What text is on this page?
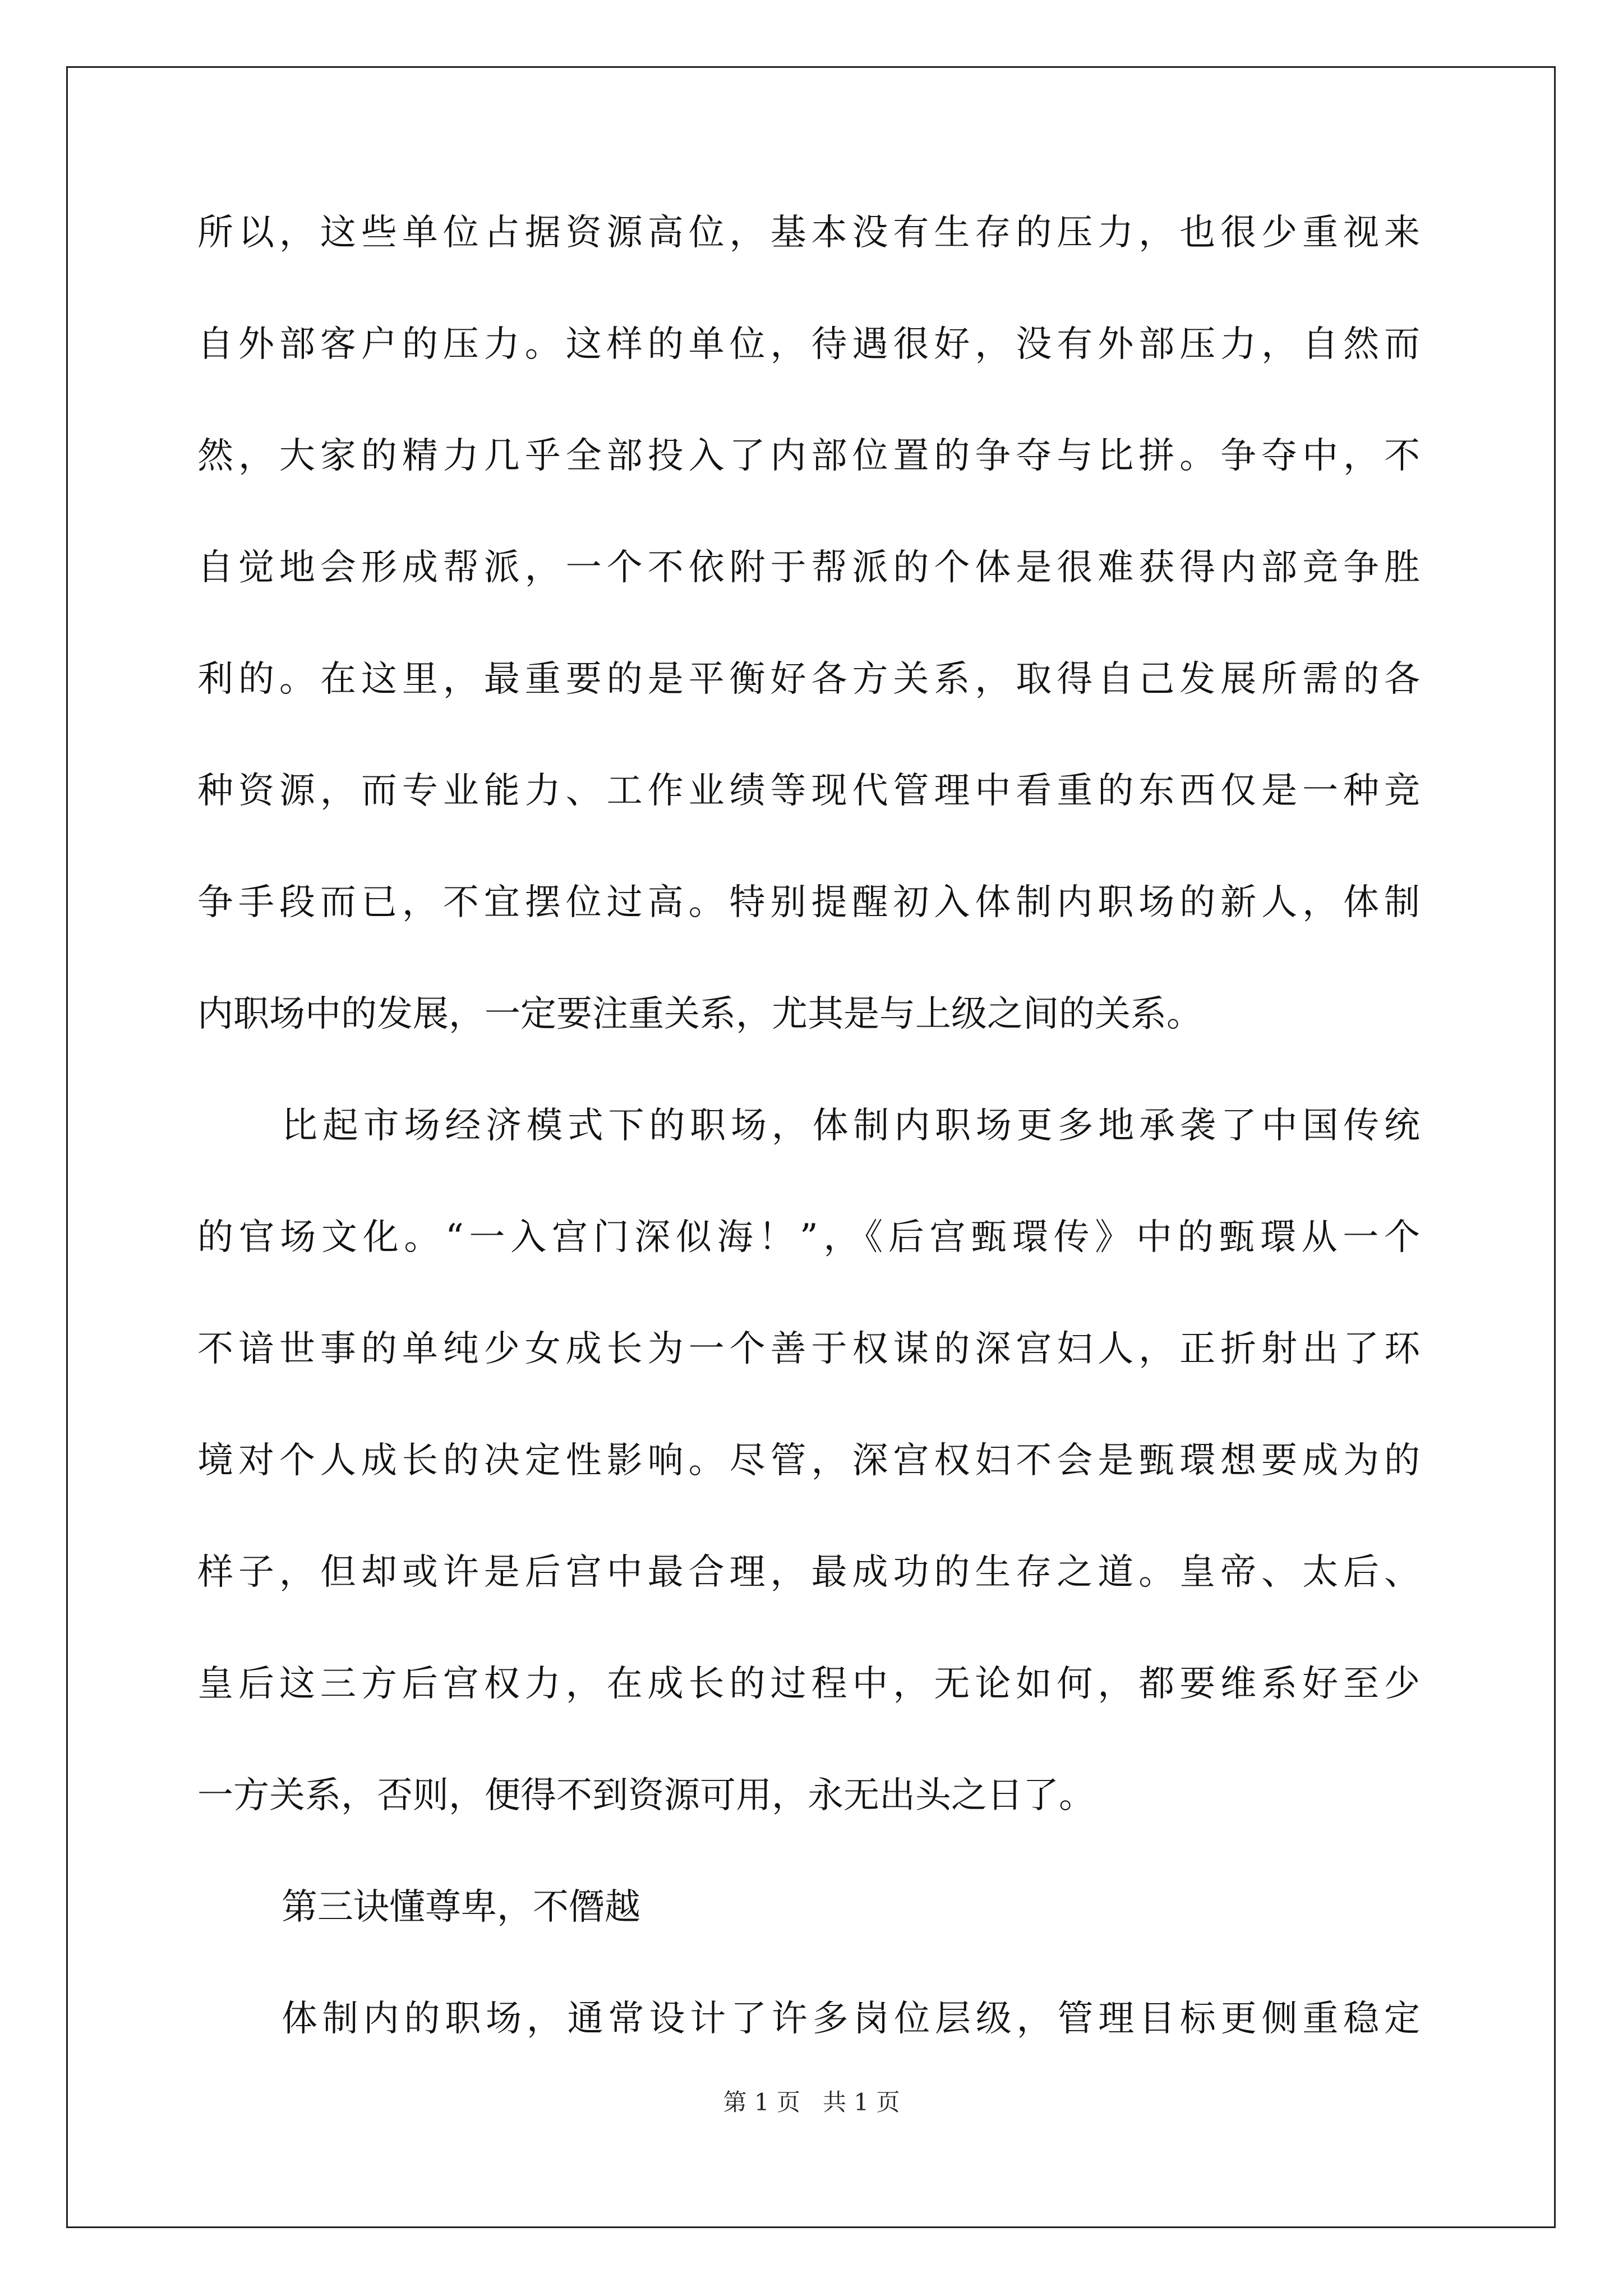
所以，这些单位占据资源高位，基本没有生存的压力，也很少重视来
自外部客户的压力。这样的单位，待遇很好，没有外部压力，自然而
然，大家的精力几乎全部投入了内部位置的争夺与比拼。争夺中，不
自觉地会形成帮派，一个不依附于帮派的个体是很难获得内部竞争胜
利的。在这里，最重要的是平衡好各方关系，取得自己发展所需的各
种资源，而专业能力、工作业绩等现代管理中看重的东西仅是一种竞
争手段而已，不宜摆位过高。特别提醒初入体制内职场的新人，体制
内职场中的发展，一定要注重关系，尤其是与上级之间的关系。
比起市场经济模式下的职场，体制内职场更多地承袭了中国传统
的官场文化。“一入宫门深似海！”，《后宫甄環传》中的甄環从一个
不谙世事的单纯少女成长为一个善于权谋的深宫妇人，正折射出了环
境对个人成长的决定性影响。尽管，深宫权妇不会是甄環想要成为的
样子，但却或许是后宫中最合理，最成功的生存之道。皇帝、太后、
皇后这三方后宫权力，在成长的过程中，无论如何，都要维系好至少
一方关系，否则，便得不到资源可用，永无出头之日了。
第三诀懂尊卑，不僭越
体制内的职场，通常设计了许多岗位层级，管理目标更侧重稳定
第 1 页   共 1 页
